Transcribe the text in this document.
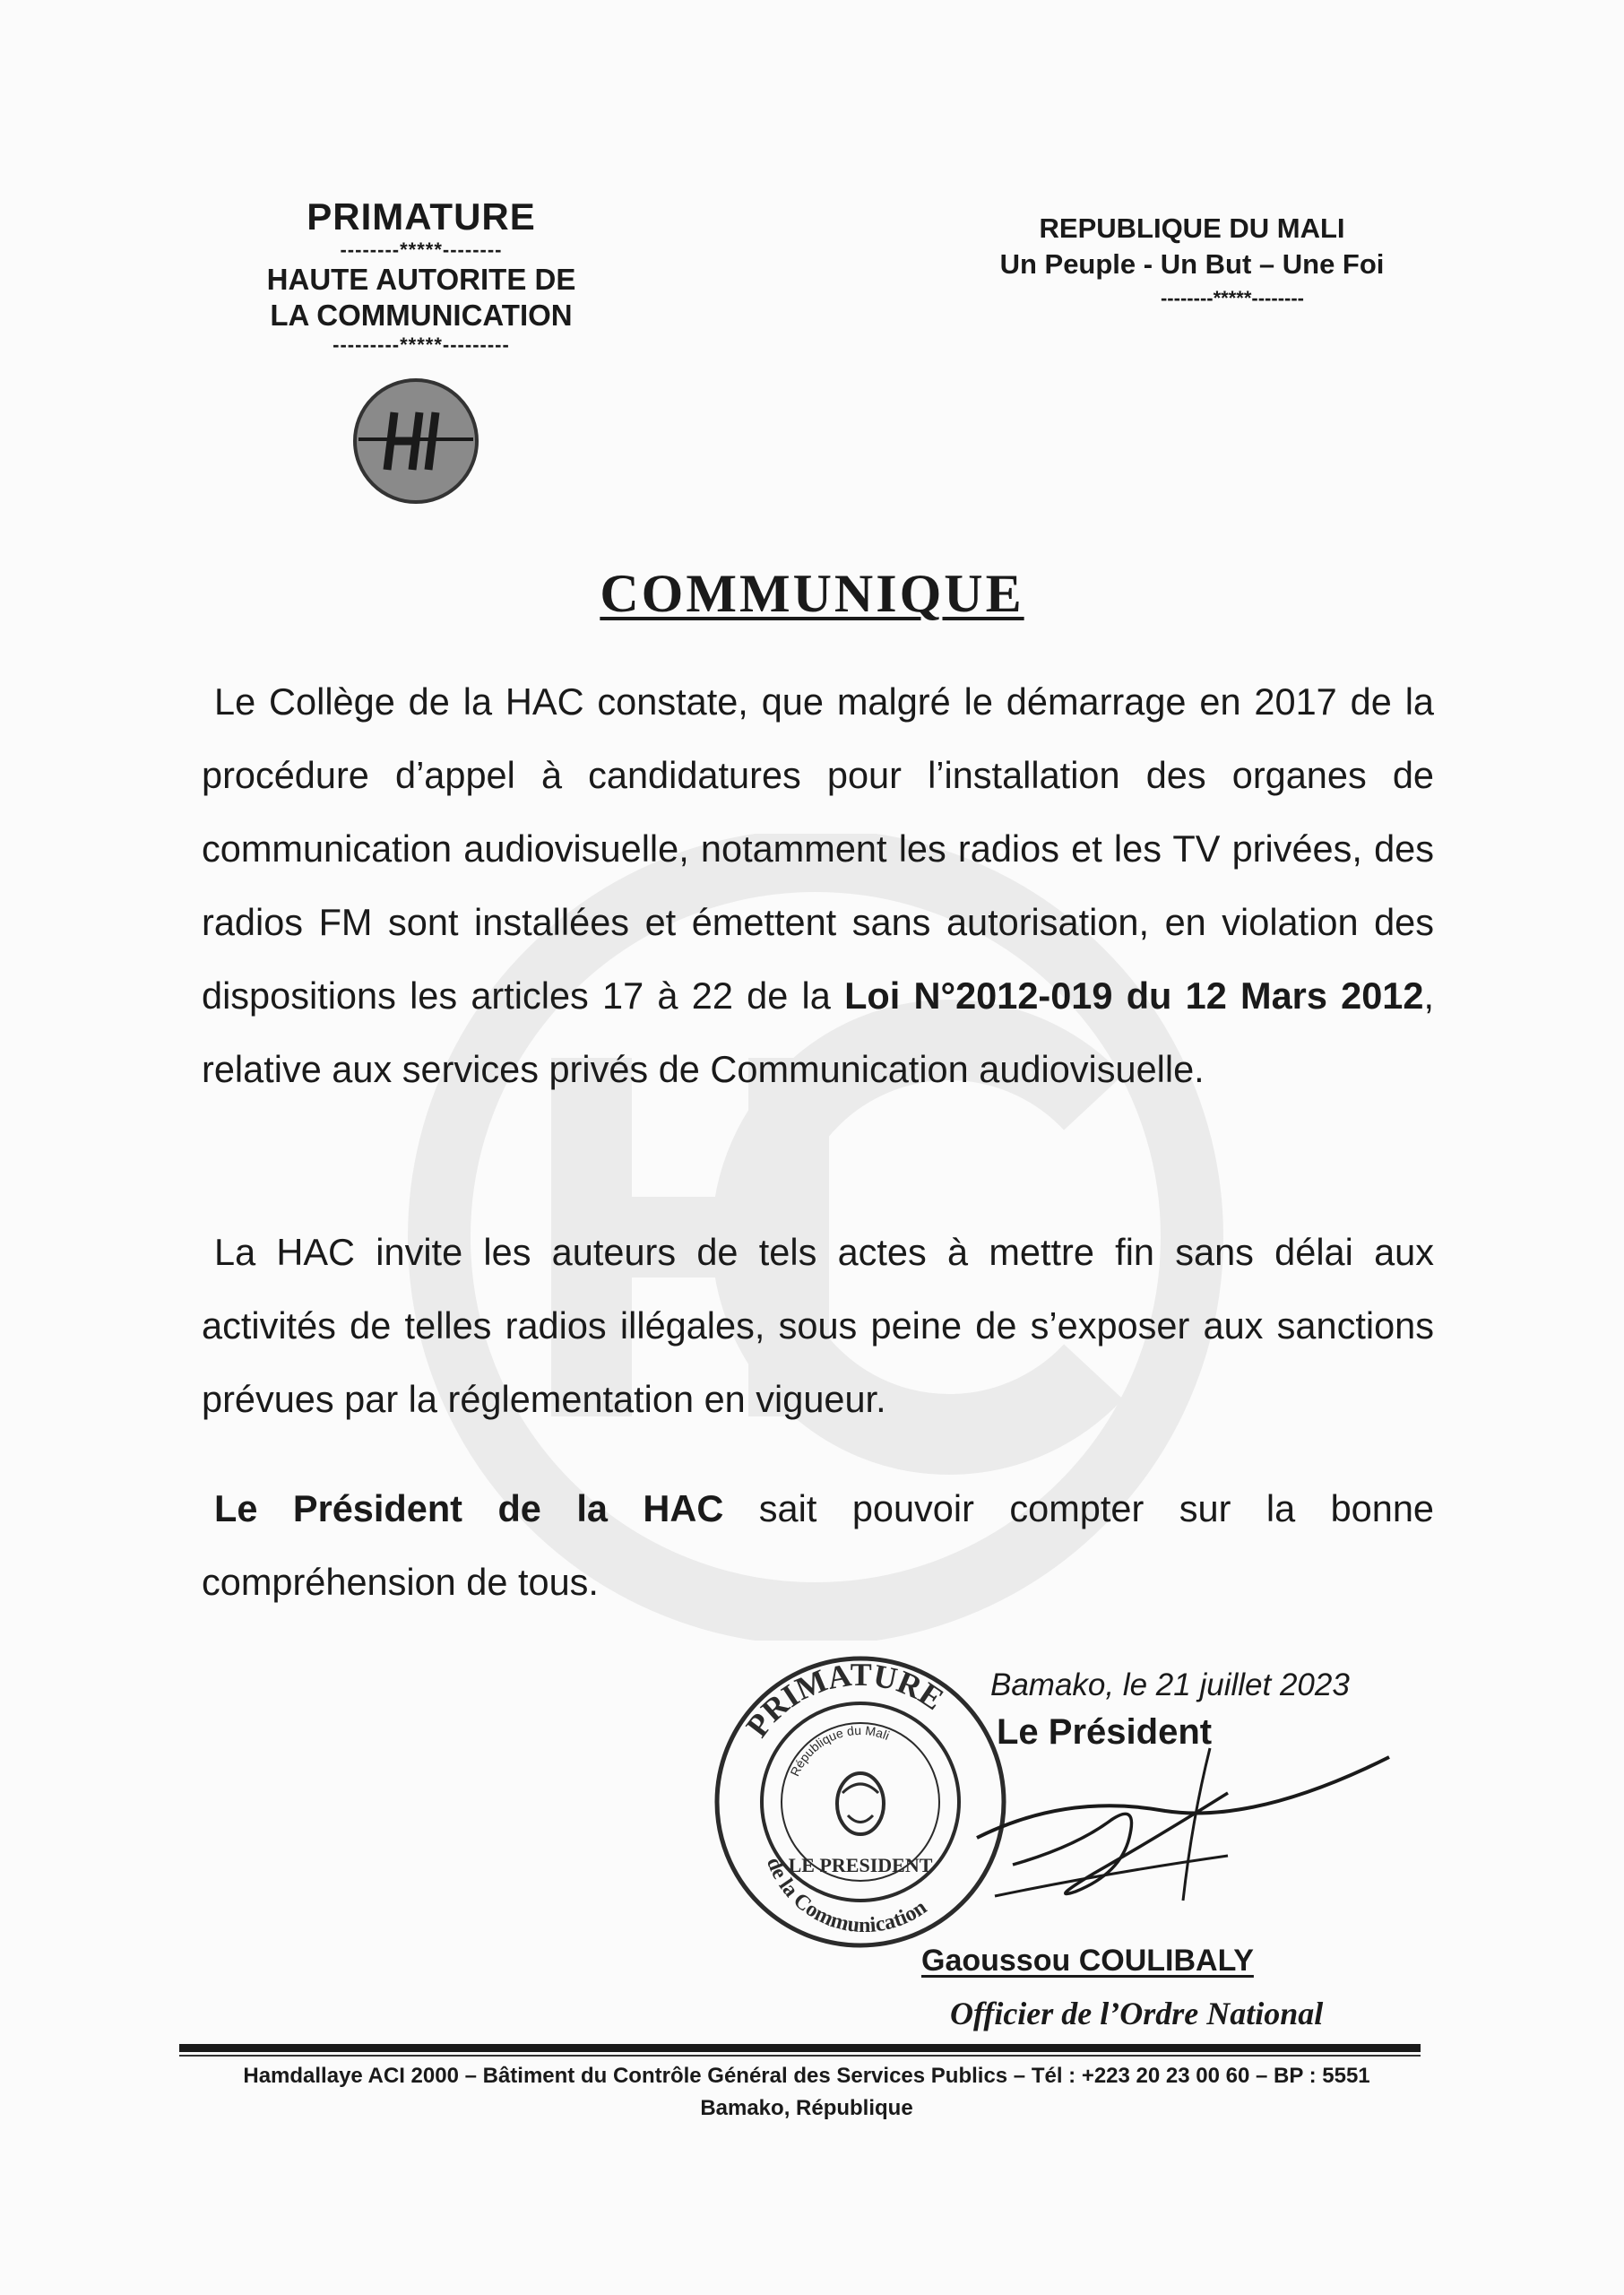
PRIMATURE
--------*****--------
HAUTE AUTORITE DE
LA COMMUNICATION
---------*****---------
REPUBLIQUE DU MALI
Un Peuple - Un But – Une Foi
--------*****--------
COMMUNIQUE
Le Collège de la HAC constate, que malgré le démarrage en 2017 de la procédure d’appel à candidatures pour l’installation des organes de communication audiovisuelle, notamment les radios et les TV privées, des radios FM sont installées et émettent sans autorisation, en violation des dispositions les articles 17 à 22 de la Loi N°2012-019 du 12 Mars 2012, relative aux services privés de Communication audiovisuelle.
La HAC invite les auteurs de tels actes à mettre fin sans délai aux activités de telles radios illégales, sous peine de s’exposer aux sanctions prévues par la réglementation en vigueur.
Le Président de la HAC sait pouvoir compter sur la bonne compréhension de tous.
PRIMATURE
de la Communication
République du Mali
LE PRESIDENT
Bamako, le 21 juillet 2023
Le Président
Gaoussou COULIBALY
Officier de l’Ordre National
Hamdallaye ACI 2000 – Bâtiment du Contrôle Général des Services Publics – Tél : +223 20 23 00 60 – BP : 5551
Bamako, République
